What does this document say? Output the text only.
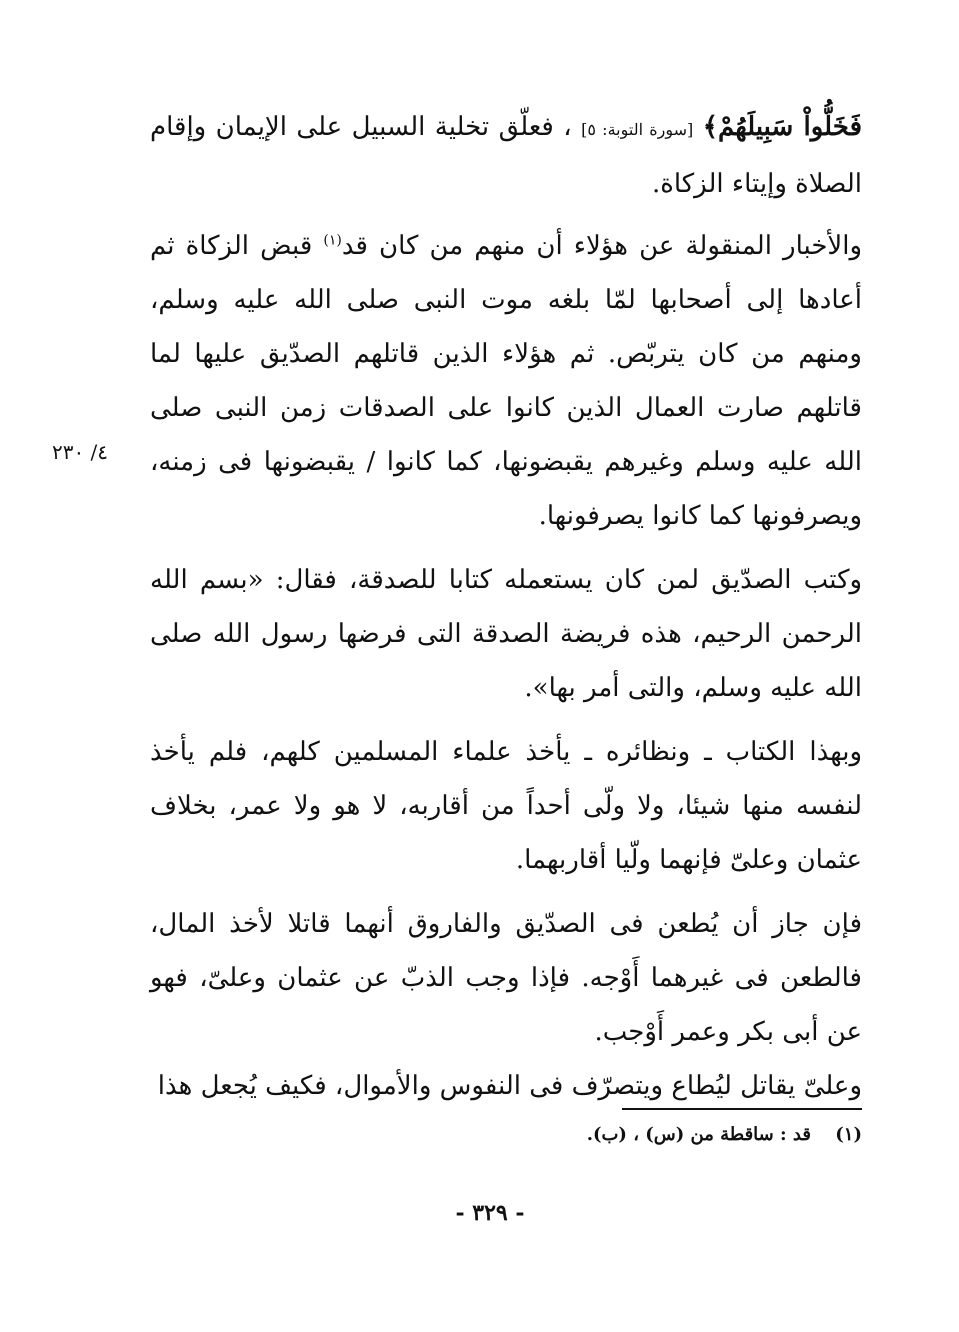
فَخَلُّواْ سَبِيلَهُمْ﴾ [سورة التوبة: ٥] ، فعلّق تخلية السبيل على الإيمان وإقام الصلاة وإيتاء الزكاة.

والأخبار المنقولة عن هؤلاء أن منهم من كان قد$^{(١)}$ قبض الزكاة ثم أعادها إلى أصحابها لمّا بلغه موت النبى صلى الله عليه وسلم، ومنهم من كان يتربّص. ثم هؤلاء الذين قاتلهم الصدّيق عليها لما قاتلهم صارت العمال الذين كانوا على الصدقات زمن النبى صلى الله عليه وسلم وغيرهم يقبضونها، كما كانوا / يقبضونها فى زمنه، ويصرفونها كما كانوا يصرفونها.

وكتب الصدّيق لمن كان يستعمله كتابا للصدقة، فقال: «بسم الله الرحمن الرحيم، هذه فريضة الصدقة التى فرضها رسول الله صلى الله عليه وسلم، والتى أمر بها».

وبهذا الكتاب ـ ونظائره ـ يأخذ علماء المسلمين كلهم، فلم يأخذ لنفسه منها شيئا، ولا ولّى أحداً من أقاربه، لا هو ولا عمر، بخلاف عثمان وعلىّ فإنهما ولّيا أقاربهما.

فإن جاز أن يُطعن فى الصدّيق والفاروق أنهما قاتلا لأخذ المال، فالطعن فى غيرهما أَوْجه. فإذا وجب الذبّ عن عثمان وعلىّ، فهو عن أبى بكر وعمر أَوْجب.

وعلىّ يقاتل ليُطاع ويتصرّف فى النفوس والأموال، فكيف يُجعل هذا

٤/ ٢٣٠
(١) قد : ساقطة من (س) ، (ب).
- ٣٢٩ -
